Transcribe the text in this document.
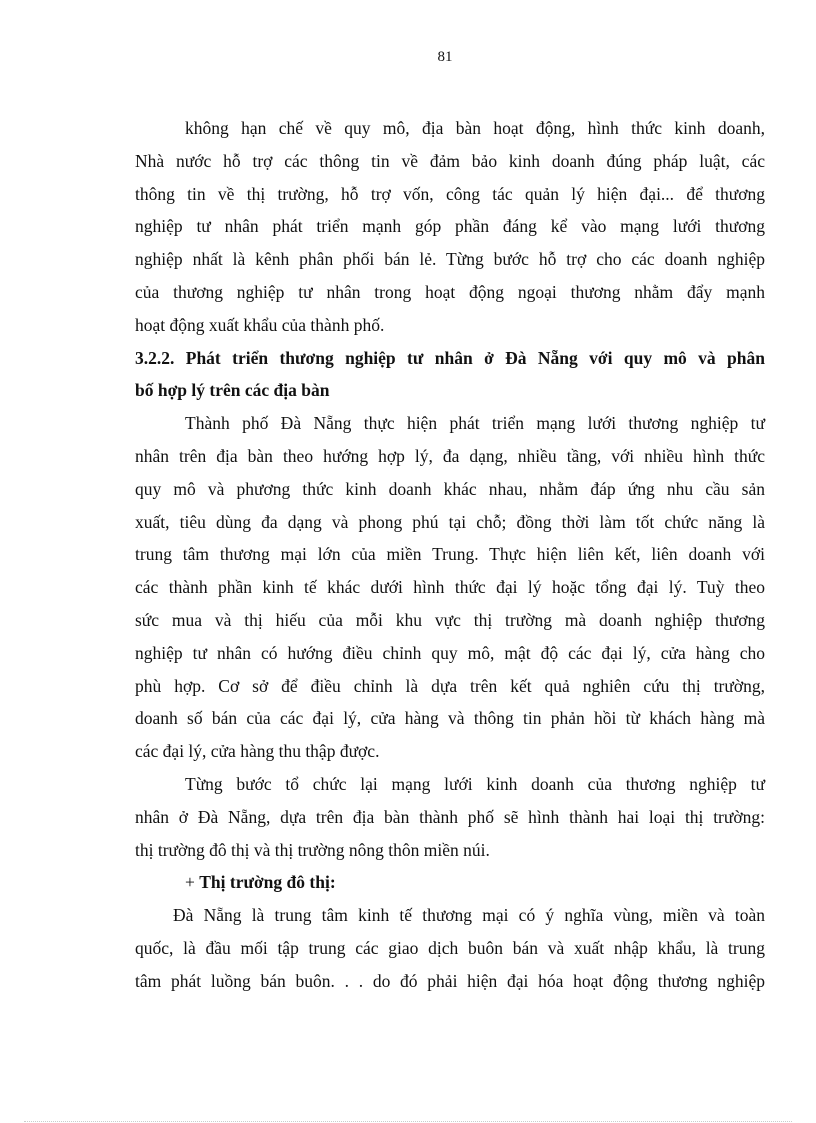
81
không hạn chế về quy mô, địa bàn hoạt động, hình thức kinh doanh,
Nhà nước hỗ trợ các thông tin về đảm bảo kinh doanh đúng pháp luật, các
thông tin về thị trường, hỗ trợ vốn, công tác quản lý hiện đại... để thương
nghiệp tư nhân phát triển mạnh góp phần đáng kể vào mạng lưới thương
nghiệp nhất là kênh phân phối bán lẻ. Từng bước hỗ trợ cho các doanh nghiệp
của thương nghiệp tư nhân trong hoạt động ngoại thương nhằm đẩy mạnh
hoạt động xuất khẩu của thành phố.
3.2.2. Phát triển thương nghiệp tư nhân ở Đà Nẵng với quy mô và phân
bố hợp lý trên các địa bàn
Thành phố Đà Nẵng thực hiện phát triển mạng lưới thương nghiệp tư
nhân trên địa bàn theo hướng hợp lý, đa dạng, nhiều tầng, với nhiều hình thức
quy mô và phương thức kinh doanh khác nhau, nhằm đáp ứng nhu cầu sản
xuất, tiêu dùng đa dạng và phong phú tại chỗ; đồng thời làm tốt chức năng là
trung tâm thương mại lớn của miền Trung. Thực hiện liên kết, liên doanh với
các thành phần kinh tế khác dưới hình thức đại lý hoặc tổng đại lý. Tuỳ theo
sức mua và thị hiếu của mỗi khu vực thị trường mà doanh nghiệp thương
nghiệp tư nhân có hướng điều chỉnh quy mô, mật độ các đại lý, cửa hàng cho
phù hợp. Cơ sở để điều chỉnh là dựa trên kết quả nghiên cứu thị trường,
doanh số bán của các đại lý, cửa hàng và thông tin phản hồi từ khách hàng mà
các đại lý, cửa hàng thu thập được.
Từng bước tổ chức lại mạng lưới kinh doanh của thương nghiệp tư
nhân ở Đà Nẵng, dựa trên địa bàn thành phố sẽ hình thành hai loại thị trường:
thị trường đô thị và thị trường nông thôn miền núi.
+ Thị trường đô thị:
Đà Nẵng là trung tâm kinh tế thương mại có ý nghĩa vùng, miền và toàn
quốc, là đầu mối tập trung các giao dịch buôn bán và xuất nhập khẩu, là trung
tâm phát luồng bán buôn. . . do đó phải hiện đại hóa hoạt động thương nghiệp
